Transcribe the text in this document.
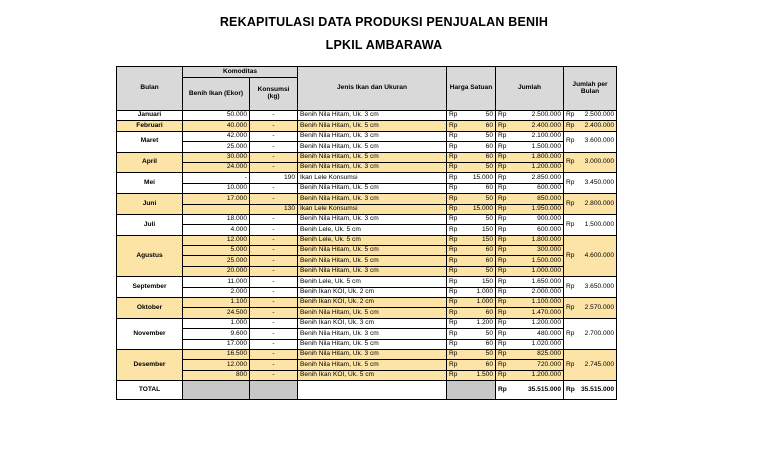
REKAPITULASI DATA PRODUKSI PENJUALAN BENIH
LPKIL AMBARAWA
Bulan	Komoditas		Jenis Ikan dan Ukuran	Harga Satuan		Jumlah		Jumlah per Bulan	
	Benih Ikan (Ekor)	Konsumsi (kg)							
Januari	50.000	-	Benih Nila Hitam, Uk. 3 cm	Rp	50	Rp	2.500.000	Rp	2.500.000
Februari	40.000	-	Benih Nila Hitam, Uk. 5 cm	Rp	60	Rp	2.400.000	Rp	2.400.000
Maret	42.000	-	Benih Nila Hitam, Uk. 3 cm	Rp	50	Rp	2.100.000	Rp	3.600.000
	25.000	-	Benih Nila Hitam, Uk. 5 cm	Rp	60	Rp	1.500.000		
April	30.000	-	Benih Nila Hitam, Uk. 5 cm	Rp	60	Rp	1.800.000	Rp	3.000.000
	24.000	-	Benih Nila Hitam, Uk. 3 cm	Rp	50	Rp	1.200.000		
Mei	-	190	Ikan Lele Konsumsi	Rp	15.000	Rp	2.850.000	Rp	3.450.000
	10.000	-	Benih Nila Hitam, Uk. 5 cm	Rp	60	Rp	600.000		
Juni	17.000	-	Benih Nila Hitam, Uk. 3 cm	Rp	50	Rp	850.000	Rp	2.800.000
		130	Ikan Lele Konsumsi	Rp	15.000	Rp	1.950.000		
Juli	18.000	-	Benih Nila Hitam, Uk. 3 cm	Rp	50	Rp	900.000	Rp	1.500.000
	4.000	-	Benih Lele, Uk. 5 cm	Rp	150	Rp	600.000		
Agustus	12.000	-	Benih Lele, Uk. 5 cm	Rp	150	Rp	1.800.000	Rp	4.600.000
	5.000	-	Benih Nila Hitam, Uk. 5 cm	Rp	60	Rp	300.000		
	25.000	-	Benih Nila Hitam, Uk. 5 cm	Rp	60	Rp	1.500.000		
	20.000	-	Benih Nila Hitam, Uk. 3 cm	Rp	50	Rp	1.000.000		
September	11.000	-	Benih Lele, Uk. 5 cm	Rp	150	Rp	1.650.000	Rp	3.650.000
	2.000	-	Benih Ikan KOI, Uk. 2 cm	Rp	1.000	Rp	2.000.000		
Oktober	1.100	-	Benih Ikan KOI, Uk. 2 cm	Rp	1.000	Rp	1.100.000	Rp	2.570.000
	24.500	-	Benih Nila Hitam, Uk. 5 cm	Rp	60	Rp	1.470.000		
November	1.000	-	Benih Ikan KOI, Uk. 3 cm	Rp	1.200	Rp	1.200.000	Rp	2.700.000
	9.600	-	Benih Nila Hitam, Uk. 3 cm	Rp	50	Rp	480.000		
	17.000	-	Benih Nila Hitam, Uk. 5 cm	Rp	60	Rp	1.020.000		
Desember	16.500	-	Benih Nila Hitam, Uk. 3 cm	Rp	50	Rp	825.000	Rp	2.745.000
	12.000	-	Benih Nila Hitam, Uk. 5 cm	Rp	60	Rp	720.000		
	800	-	Benih Ikan KOI, Uk. 5 cm	Rp	1.500	Rp	1.200.000		
TOTAL						Rp	35.515.000	Rp	35.515.000
